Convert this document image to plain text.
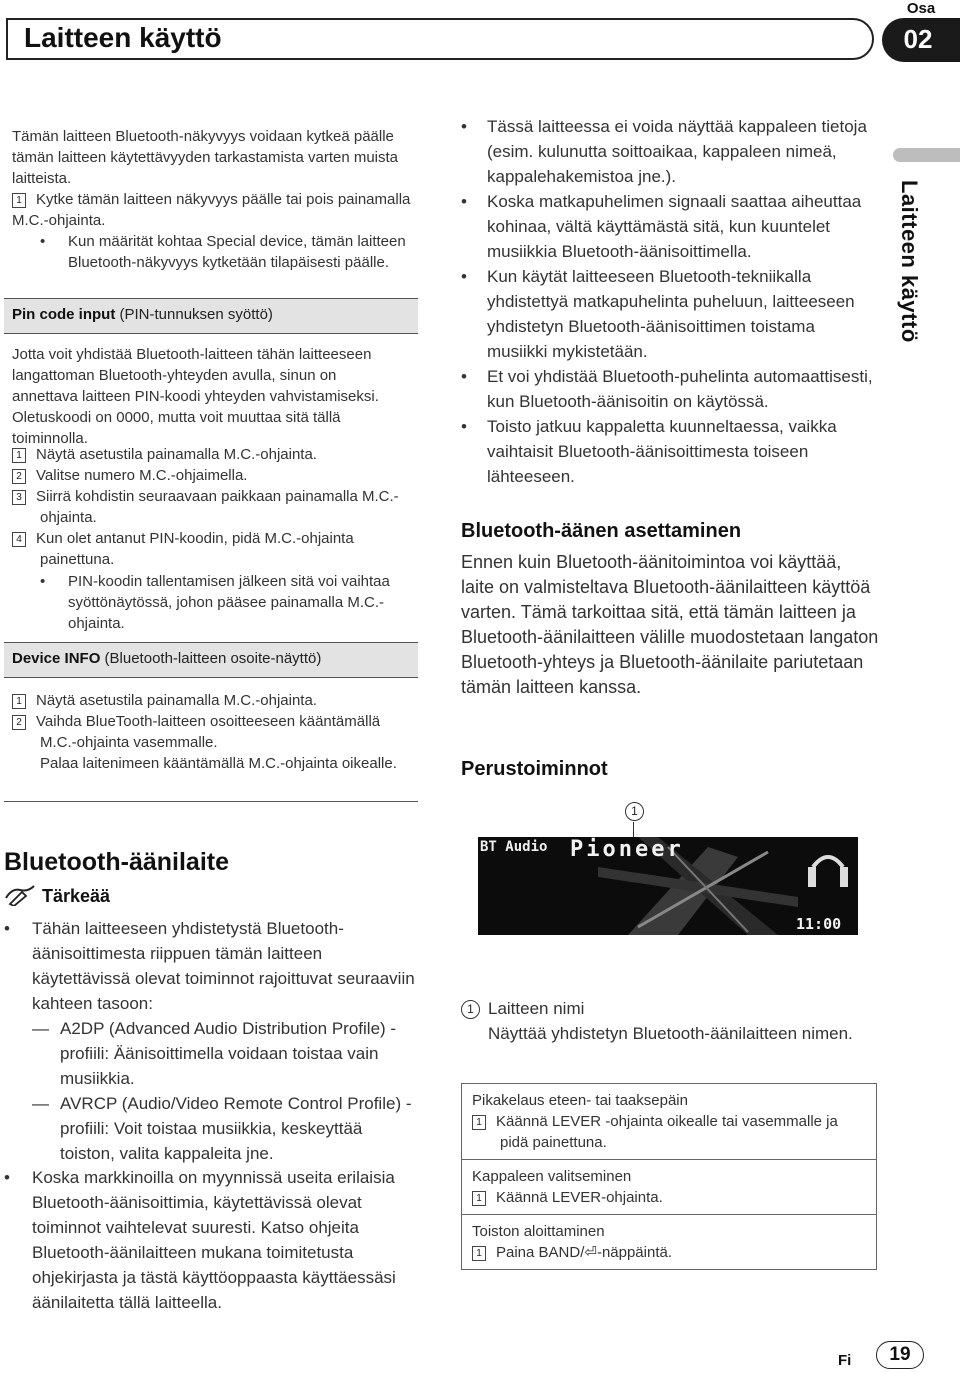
Laitteen käyttö
Osa
02
Laitteen käyttö
Tämän laitteen Bluetooth-näkyvyys voidaan kytkeä päälle tämän laitteen käytettävyyden tarkastamista varten muista laitteista.
1 Kytke tämän laitteen näkyvyys päälle tai pois painamalla M.C.-ohjainta.
• Kun määrität kohtaa Special device, tämän laitteen Bluetooth-näkyvyys kytketään tilapäisesti päälle.
Pin code input (PIN-tunnuksen syöttö)
Jotta voit yhdistää Bluetooth-laitteen tähän laitteeseen langattoman Bluetooth-yhteyden avulla, sinun on annettava laitteen PIN-koodi yhteyden vahvistamiseksi. Oletuskoodi on 0000, mutta voit muuttaa sitä tällä toiminnolla.
1 Näytä asetustila painamalla M.C.-ohjainta.
2 Valitse numero M.C.-ohjaimella.
3 Siirrä kohdistin seuraavaan paikkaan painamalla M.C.-ohjainta.
4 Kun olet antanut PIN-koodin, pidä M.C.-ohjainta painettuna.
• PIN-koodin tallentamisen jälkeen sitä voi vaihtaa syöttönäytössä, johon pääsee painamalla M.C.-ohjainta.
Device INFO (Bluetooth-laitteen osoite-näyttö)
1 Näytä asetustila painamalla M.C.-ohjainta.
2 Vaihda BlueTooth-laitteen osoitteeseen kääntämällä M.C.-ohjainta vasemmalle.
Palaa laitenimeen kääntämällä M.C.-ohjainta oikealle.
Bluetooth-äänilaite
Tärkeää
• Tähän laitteeseen yhdistetystä Bluetooth-äänisoittimesta riippuen tämän laitteen käytettävissä olevat toiminnot rajoittuvat seuraaviin kahteen tasoon:
— A2DP (Advanced Audio Distribution Profile) -profiili: Äänisoittimella voidaan toistaa vain musiikkia.
— AVRCP (Audio/Video Remote Control Profile) -profiili: Voit toistaa musiikkia, keskeyttää toiston, valita kappaleita jne.
• Koska markkinoilla on myynnissä useita erilaisia Bluetooth-äänisoittimia, käytettävissä olevat toiminnot vaihtelevat suuresti. Katso ohjeita Bluetooth-äänilaitteen mukana toimitetusta ohjekirjasta ja tästä käyttöoppaasta käyttäessäsi äänilaitetta tällä laitteella.
• Tässä laitteessa ei voida näyttää kappaleen tietoja (esim. kulunutta soittoaikaa, kappaleen nimeä, kappalehakemistoa jne.).
• Koska matkapuhelimen signaali saattaa aiheuttaa kohinaa, vältä käyttämästä sitä, kun kuuntelet musiikkia Bluetooth-äänisoittimella.
• Kun käytät laitteeseen Bluetooth-tekniikalla yhdistettyä matkapuhelinta puheluun, laitteeseen yhdistetyn Bluetooth-äänisoittimen toistama musiikki mykistetään.
• Et voi yhdistää Bluetooth-puhelinta automaattisesti, kun Bluetooth-äänisoitin on käytössä.
• Toisto jatkuu kappaletta kuunneltaessa, vaikka vaihtaisit Bluetooth-äänisoittimesta toiseen lähteeseen.
Bluetooth-äänen asettaminen
Ennen kuin Bluetooth-äänitoimintoa voi käyttää, laite on valmisteltava Bluetooth-äänilaitteen käyttöä varten. Tämä tarkoittaa sitä, että tämän laitteen ja Bluetooth-äänilaitteen välille muodostetaan langaton Bluetooth-yhteys ja Bluetooth-äänilaite pariutetaan tämän laitteen kanssa.
Perustoiminnot
1
BT Audio Pioneer
11:00
1 Laitteen nimi
Näyttää yhdistetyn Bluetooth-äänilaitteen nimen.
Pikakelaus eteen- tai taaksepäin
1 Käännä LEVER -ohjainta oikealle tai vasemmalle ja pidä painettuna.
Kappaleen valitseminen
1 Käännä LEVER-ohjainta.
Toiston aloittaminen
1 Paina BAND/⏎-näppäintä.
Fi	19
